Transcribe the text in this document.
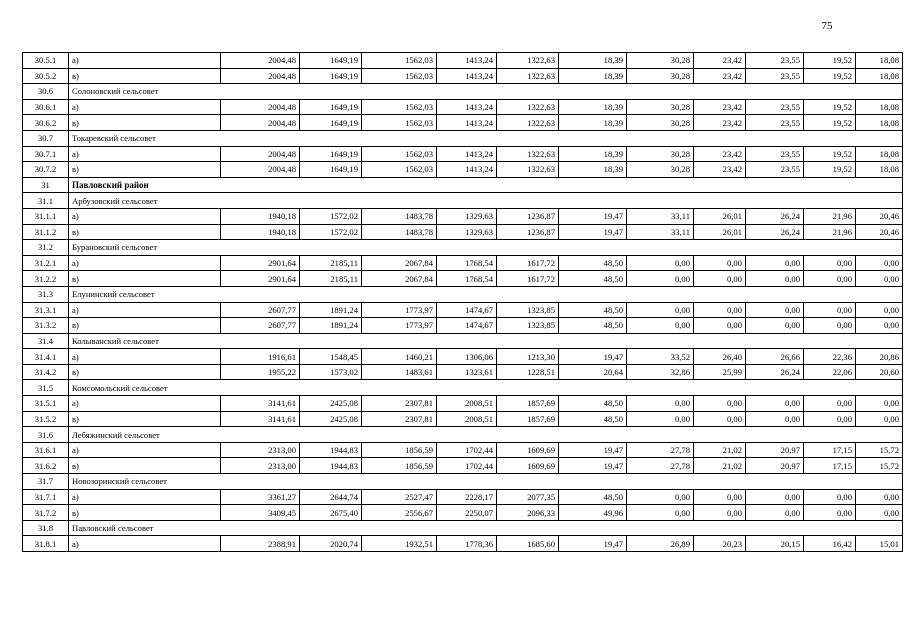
75
30.5.1	а)	2004,48	1649,19	1562,03	1413,24	1322,63	18,39	30,28	23,42	23,55	19,52	18,08
30.5.2	в)	2004,48	1649,19	1562,03	1413,24	1322,63	18,39	30,28	23,42	23,55	19,52	18,08
30.6	Солоновский сельсовет											
30.6.1	а)	2004,48	1649,19	1562,03	1413,24	1322,63	18,39	30,28	23,42	23,55	19,52	18,08
30.6.2	в)	2004,48	1649,19	1562,03	1413,24	1322,63	18,39	30,28	23,42	23,55	19,52	18,08
30.7	Токаревский сельсовет											
30.7.1	а)	2004,48	1649,19	1562,03	1413,24	1322,63	18,39	30,28	23,42	23,55	19,52	18,08
30.7.2	в)	2004,48	1649,19	1562,03	1413,24	1322,63	18,39	30,28	23,42	23,55	19,52	18,08
31	Павловский район											
31.1	Арбузовский сельсовет											
31.1.1	а)	1940,18	1572,02	1483,78	1329,63	1236,87	19,47	33,11	26,01	26,24	21,96	20,46
31.1.2	в)	1940,18	1572,02	1483,78	1329,63	1236,87	19,47	33,11	26,01	26,24	21,96	20,46
31.2	Бурановский сельсовет											
31.2.1	а)	2901,64	2185,11	2067,84	1768,54	1617,72	48,50	0,00	0,00	0,00	0,00	0,00
31.2.2	в)	2901,64	2185,11	2067,84	1768,54	1617,72	48,50	0,00	0,00	0,00	0,00	0,00
31.3	Елунинский сельсовет											
31.3.1	а)	2607,77	1891,24	1773,97	1474,67	1323,85	48,50	0,00	0,00	0,00	0,00	0,00
31.3.2	в)	2607,77	1891,24	1773,97	1474,67	1323,85	48,50	0,00	0,00	0,00	0,00	0,00
31.4	Колыванский сельсовет											
31.4.1	а)	1916,61	1548,45	1460,21	1306,06	1213,30	19,47	33,52	26,40	26,66	22,36	20,86
31.4.2	в)	1955,22	1573,02	1483,61	1323,61	1228,51	20,64	32,86	25,99	26,24	22,06	20,60
31.5	Комсомольский сельсовет											
31.5.1	а)	3141,61	2425,08	2307,81	2008,51	1857,69	48,50	0,00	0,00	0,00	0,00	0,00
31.5.2	в)	3141,61	2425,08	2307,81	2008,51	1857,69	48,50	0,00	0,00	0,00	0,00	0,00
31.6	Лебяжинский сельсовет											
31.6.1	а)	2313,00	1944,83	1856,59	1702,44	1609,69	19,47	27,78	21,02	20,97	17,15	15,72
31.6.2	в)	2313,00	1944,83	1856,59	1702,44	1609,69	19,47	27,78	21,02	20,97	17,15	15,72
31.7	Новозоринский сельсовет											
31.7.1	а)	3361,27	2644,74	2527,47	2228,17	2077,35	48,50	0,00	0,00	0,00	0,00	0,00
31.7.2	в)	3409,45	2675,40	2556,67	2250,07	2096,33	49,96	0,00	0,00	0,00	0,00	0,00
31.8	Павловский сельсовет											
31.8.1	а)	2388,91	2020,74	1932,51	1778,36	1685,60	19,47	26,89	20,23	20,15	16,42	15,01
